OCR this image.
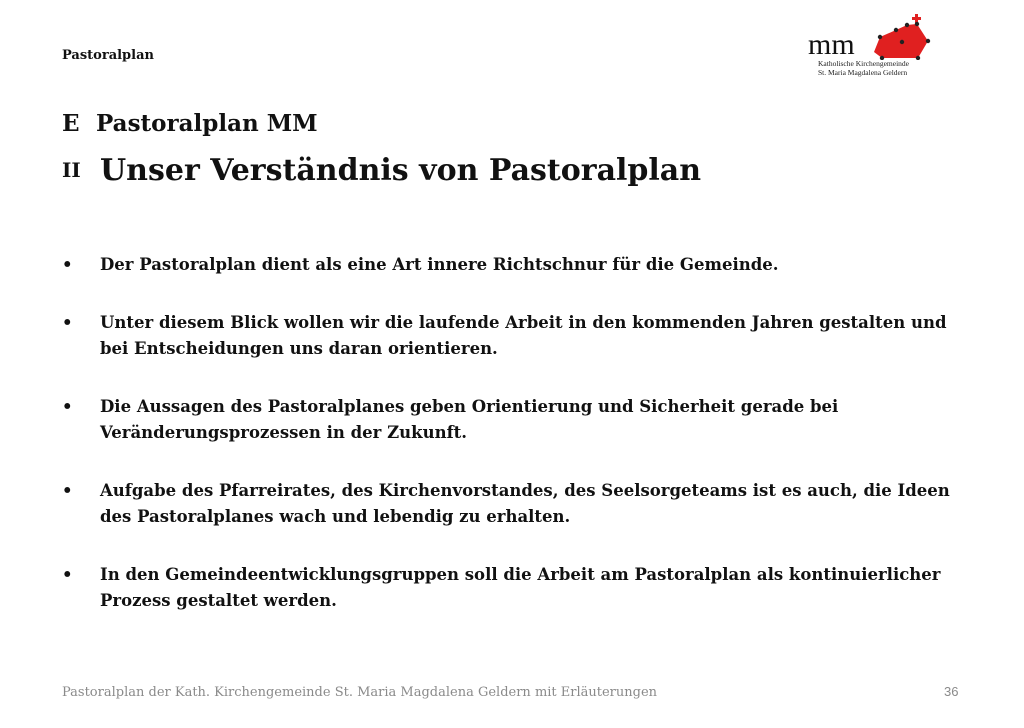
Pastoralplan	mm
Katholische Kirchengemeinde
St. Maria Magdalena Geldern
E Pastoralplan MM
II Unser Verständnis von Pastoralplan
• Der Pastoralplan dient als eine Art innere Richtschnur für die Gemeinde.
• Unter diesem Blick wollen wir die laufende Arbeit in den kommenden Jahren gestalten und bei Entscheidungen uns daran orientieren.
• Die Aussagen des Pastoralplanes geben Orientierung und Sicherheit gerade bei Veränderungsprozessen in der Zukunft.
• Aufgabe des Pfarreirates, des Kirchenvorstandes, des Seelsorgeteams ist es auch, die Ideen des Pastoralplanes wach und lebendig zu erhalten.
• In den Gemeindeentwicklungsgruppen soll die Arbeit am Pastoralplan als kontinuierlicher Prozess gestaltet werden.
Pastoralplan der Kath. Kirchengemeinde St. Maria Magdalena Geldern mit Erläuterungen	36
